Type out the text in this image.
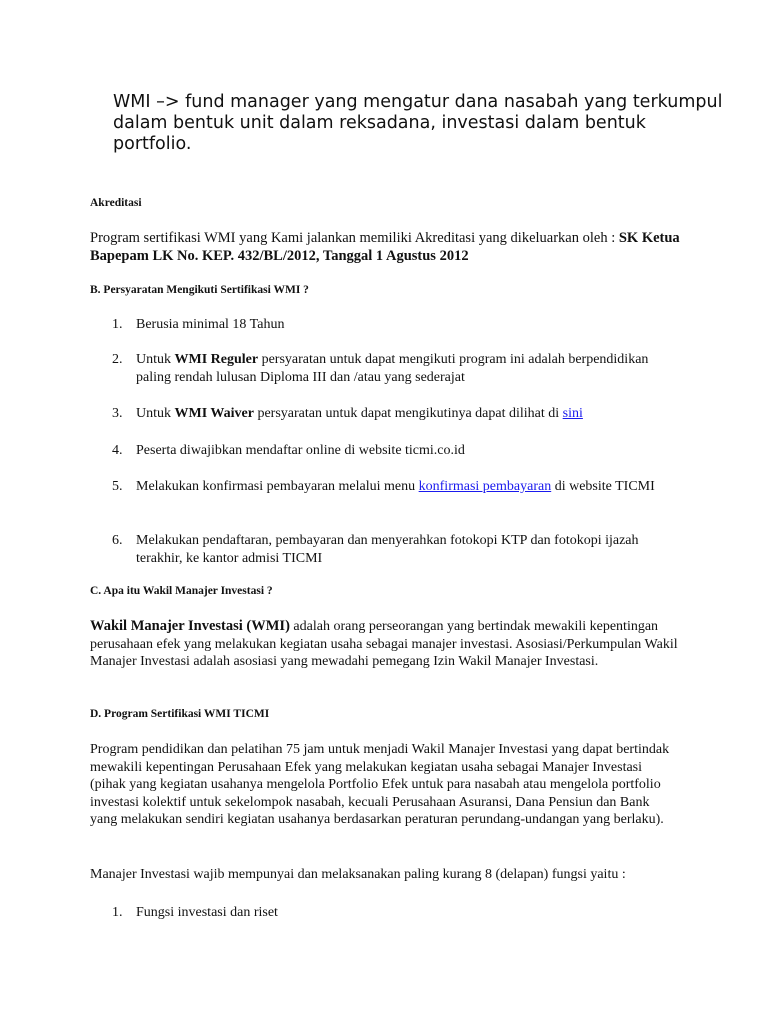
WMI –> fund manager yang mengatur dana nasabah yang terkumpul dalam bentuk unit dalam reksadana, investasi dalam bentuk portfolio.
Akreditasi
Program sertifikasi WMI yang Kami jalankan memiliki Akreditasi yang dikeluarkan oleh : SK Ketua Bapepam LK No. KEP. 432/BL/2012, Tanggal 1 Agustus 2012
B. Persyaratan Mengikuti Sertifikasi WMI ?
1. Berusia minimal 18 Tahun
2. Untuk WMI Reguler persyaratan untuk dapat mengikuti program ini adalah berpendidikan paling rendah lulusan Diploma III dan /atau yang sederajat
3. Untuk WMI Waiver persyaratan untuk dapat mengikutinya dapat dilihat di sini
4. Peserta diwajibkan mendaftar online di website ticmi.co.id
5. Melakukan konfirmasi pembayaran melalui menu konfirmasi pembayaran di website TICMI
6. Melakukan pendaftaran, pembayaran dan menyerahkan fotokopi KTP dan fotokopi ijazah terakhir, ke kantor admisi TICMI
C. Apa itu Wakil Manajer Investasi ?
Wakil Manajer Investasi (WMI) adalah orang perseorangan yang bertindak mewakili kepentingan perusahaan efek yang melakukan kegiatan usaha sebagai manajer investasi. Asosiasi/Perkumpulan Wakil Manajer Investasi adalah asosiasi yang mewadahi pemegang Izin Wakil Manajer Investasi.
D. Program Sertifikasi WMI TICMI
Program pendidikan dan pelatihan 75 jam untuk menjadi Wakil Manajer Investasi yang dapat bertindak mewakili kepentingan Perusahaan Efek yang melakukan kegiatan usaha sebagai Manajer Investasi (pihak yang kegiatan usahanya mengelola Portfolio Efek untuk para nasabah atau mengelola portfolio investasi kolektif untuk sekelompok nasabah, kecuali Perusahaan Asuransi, Dana Pensiun dan Bank yang melakukan sendiri kegiatan usahanya berdasarkan peraturan perundang-undangan yang berlaku).
Manajer Investasi wajib mempunyai dan melaksanakan paling kurang 8 (delapan) fungsi yaitu :
1. Fungsi investasi dan riset
